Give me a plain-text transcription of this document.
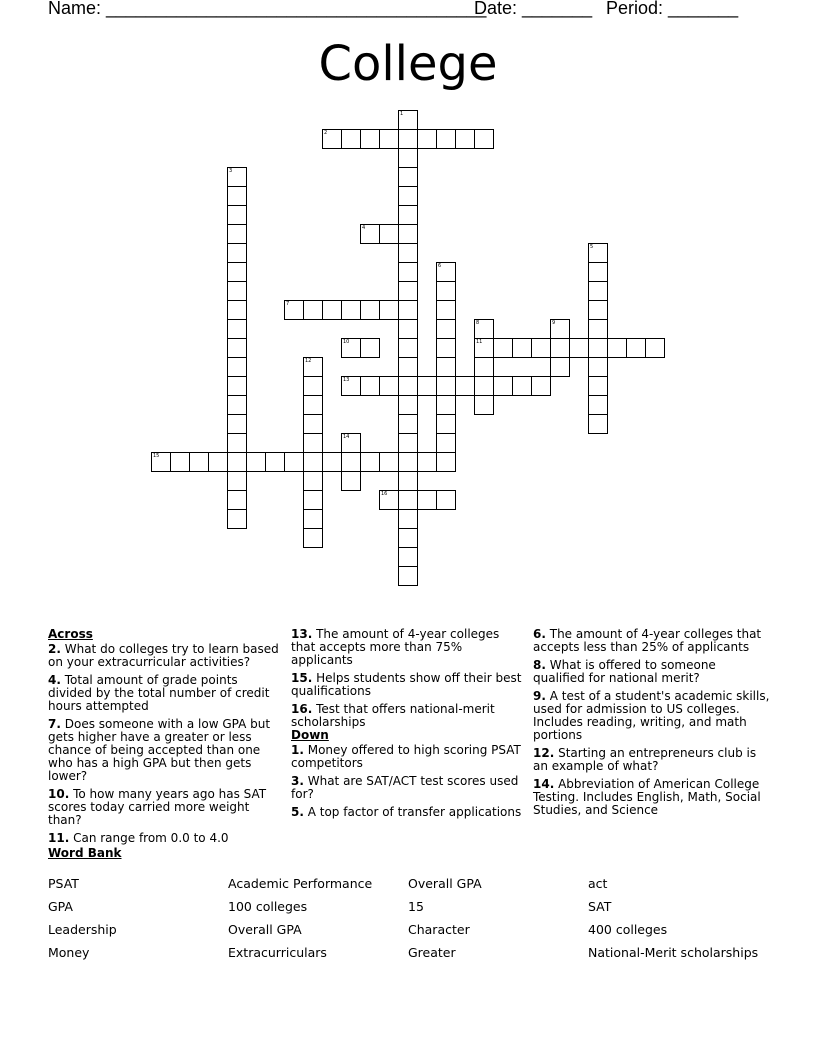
Name: ______________________________________
Date: _______ Period: _______
College
1
2
3
4
5
6
7
8	9
10	11
12
13
14
15
16
Across
2. What do colleges try to learn based on your extracurricular activities?
4. Total amount of grade points divided by the total number of credit hours attempted
7. Does someone with a low GPA but gets higher have a greater or less chance of being accepted than one who has a high GPA but then gets lower?
10. To how many years ago has SAT scores today carried more weight than?
11. Can range from 0.0 to 4.0
13. The amount of 4-year colleges that accepts more than 75% applicants
15. Helps students show off their best qualifications
16. Test that offers national-merit scholarships
Down
1. Money offered to high scoring PSAT competitors
3. What are SAT/ACT test scores used for?
5. A top factor of transfer applications
6. The amount of 4-year colleges that accepts less than 25% of applicants
8. What is offered to someone qualified for national merit?
9. A test of a student's academic skills, used for admission to US colleges. Includes reading, writing, and math portions
12. Starting an entrepreneurs club is an example of what?
14. Abbreviation of American College Testing. Includes English, Math, Social Studies, and Science
Word Bank
PSAT	Academic Performance	Overall GPA	act
GPA	100 colleges	15	SAT
Leadership	Overall GPA	Character	400 colleges
Money	Extracurriculars	Greater	National-Merit scholarships
